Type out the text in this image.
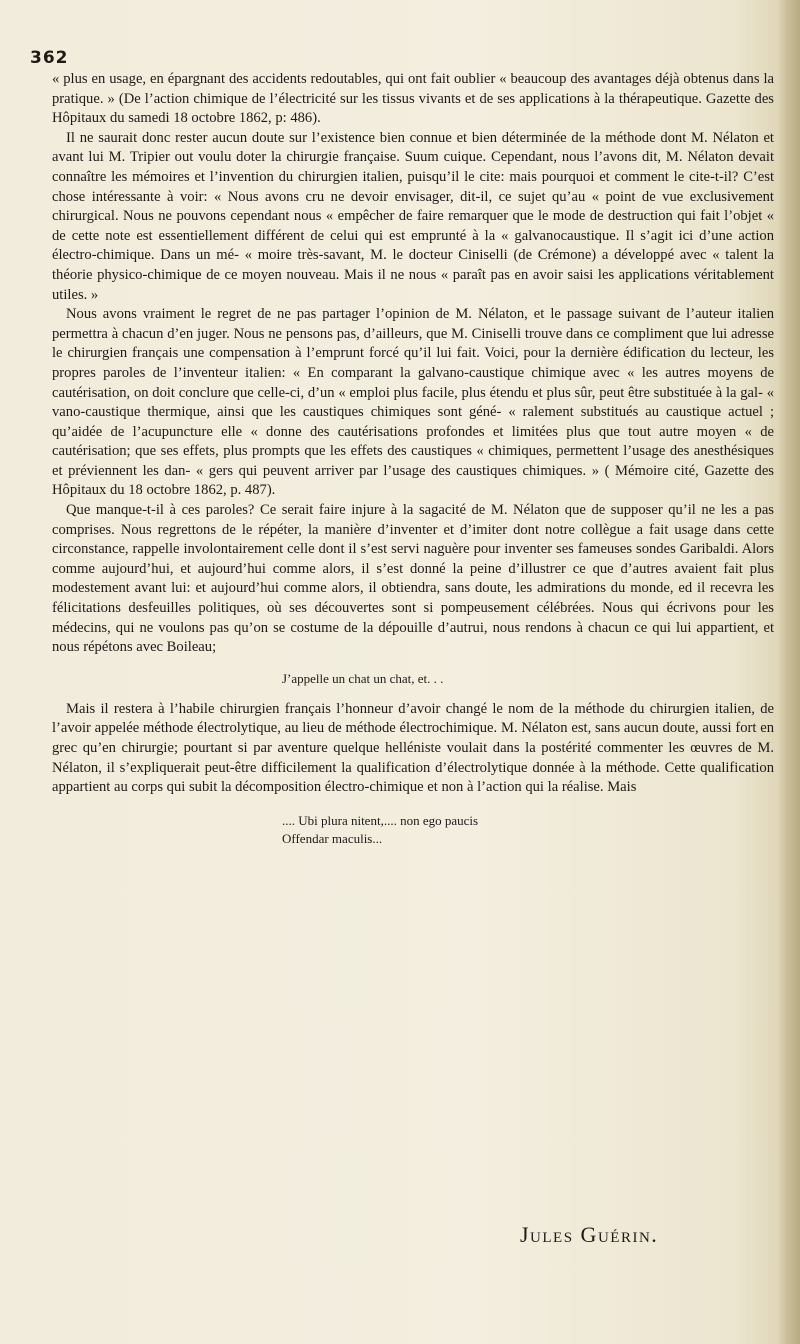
362

« plus en usage, en épargnant des accidents redoutables, qui ont fait oublier « beaucoup des avantages déjà obtenus dans la pratique. » (De l’action chimique de l’électricité sur les tissus vivants et de ses applications à la thérapeutique. Gazette des Hôpitaux du samedi 18 octobre 1862, p: 486).

Il ne saurait donc rester aucun doute sur l’existence bien connue et bien déterminée de la méthode dont M. Nélaton et avant lui M. Tripier out voulu doter la chirurgie française. Suum cuique. Cependant, nous l’avons dit, M. Nélaton devait connaître les mémoires et l’invention du chirurgien italien, puisqu’il le cite: mais pourquoi et comment le cite-t-il? C’est chose intéressante à voir: « Nous avons cru ne devoir envisager, dit-il, ce sujet qu’au « point de vue exclusivement chirurgical. Nous ne pouvons cependant nous « empêcher de faire remarquer que le mode de destruction qui fait l’objet « de cette note est essentiellement différent de celui qui est emprunté à la « galvanocaustique. Il s’agit ici d’une action électro-chimique. Dans un mé- « moire très-savant, M. le docteur Ciniselli (de Crémone) a développé avec « talent la théorie physico-chimique de ce moyen nouveau. Mais il ne nous « paraît pas en avoir saisi les applications véritablement utiles. »

Nous avons vraiment le regret de ne pas partager l’opinion de M. Nélaton, et le passage suivant de l’auteur italien permettra à chacun d’en juger. Nous ne pensons pas, d’ailleurs, que M. Ciniselli trouve dans ce compliment que lui adresse le chirurgien français une compensation à l’emprunt forcé qu’il lui fait. Voici, pour la dernière édification du lecteur, les propres paroles de l’inventeur italien: « En comparant la galvano-caustique chimique avec « les autres moyens de cautérisation, on doit conclure que celle-ci, d’un « emploi plus facile, plus étendu et plus sûr, peut être substituée à la gal- « vano-caustique thermique, ainsi que les caustiques chimiques sont géné- « ralement substitués au caustique actuel ; qu’aidée de l’acupuncture elle « donne des cautérisations profondes et limitées plus que tout autre moyen « de cautérisation; que ses effets, plus prompts que les effets des caustiques « chimiques, permettent l’usage des anesthésiques et préviennent les dan- « gers qui peuvent arriver par l’usage des caustiques chimiques. » ( Mémoire cité, Gazette des Hôpitaux du 18 octobre 1862, p. 487).

Que manque-t-il à ces paroles? Ce serait faire injure à la sagacité de M. Nélaton que de supposer qu’il ne les a pas comprises. Nous regrettons de le répéter, la manière d’inventer et d’imiter dont notre collègue a fait usage dans cette circonstance, rappelle involontairement celle dont il s’est servi naguère pour inventer ses fameuses sondes Garibaldi. Alors comme aujourd’hui, et aujourd’hui comme alors, il s’est donné la peine d’illustrer ce que d’autres avaient fait plus modestement avant lui: et aujourd’hui comme alors, il obtiendra, sans doute, les admirations du monde, ed il recevra les félicitations desfeuilles politiques, où ses découvertes sont si pompeusement célébrées. Nous qui écrivons pour les médecins, qui ne voulons pas qu’on se costume de la dépouille d’autrui, nous rendons à chacun ce qui lui appartient, et nous répétons avec Boileau;

J’appelle un chat un chat, et. . .

Mais il restera à l’habile chirurgien français l’honneur d’avoir changé le nom de la méthode du chirurgien italien, de l’avoir appelée méthode électrolytique, au lieu de méthode électrochimique. M. Nélaton est, sans aucun doute, aussi fort en grec qu’en chirurgie; pourtant si par aventure quelque helléniste voulait dans la postérité commenter les œuvres de M. Nélaton, il s’expliquerait peut-être difficilement la qualification d’électrolytique donnée à la méthode. Cette qualification appartient au corps qui subit la décomposition électro-chimique et non à l’action qui la réalise. Mais

.... Ubi plura nitent,.... non ego paucis
Offendar maculis...
Jules Guérin.
